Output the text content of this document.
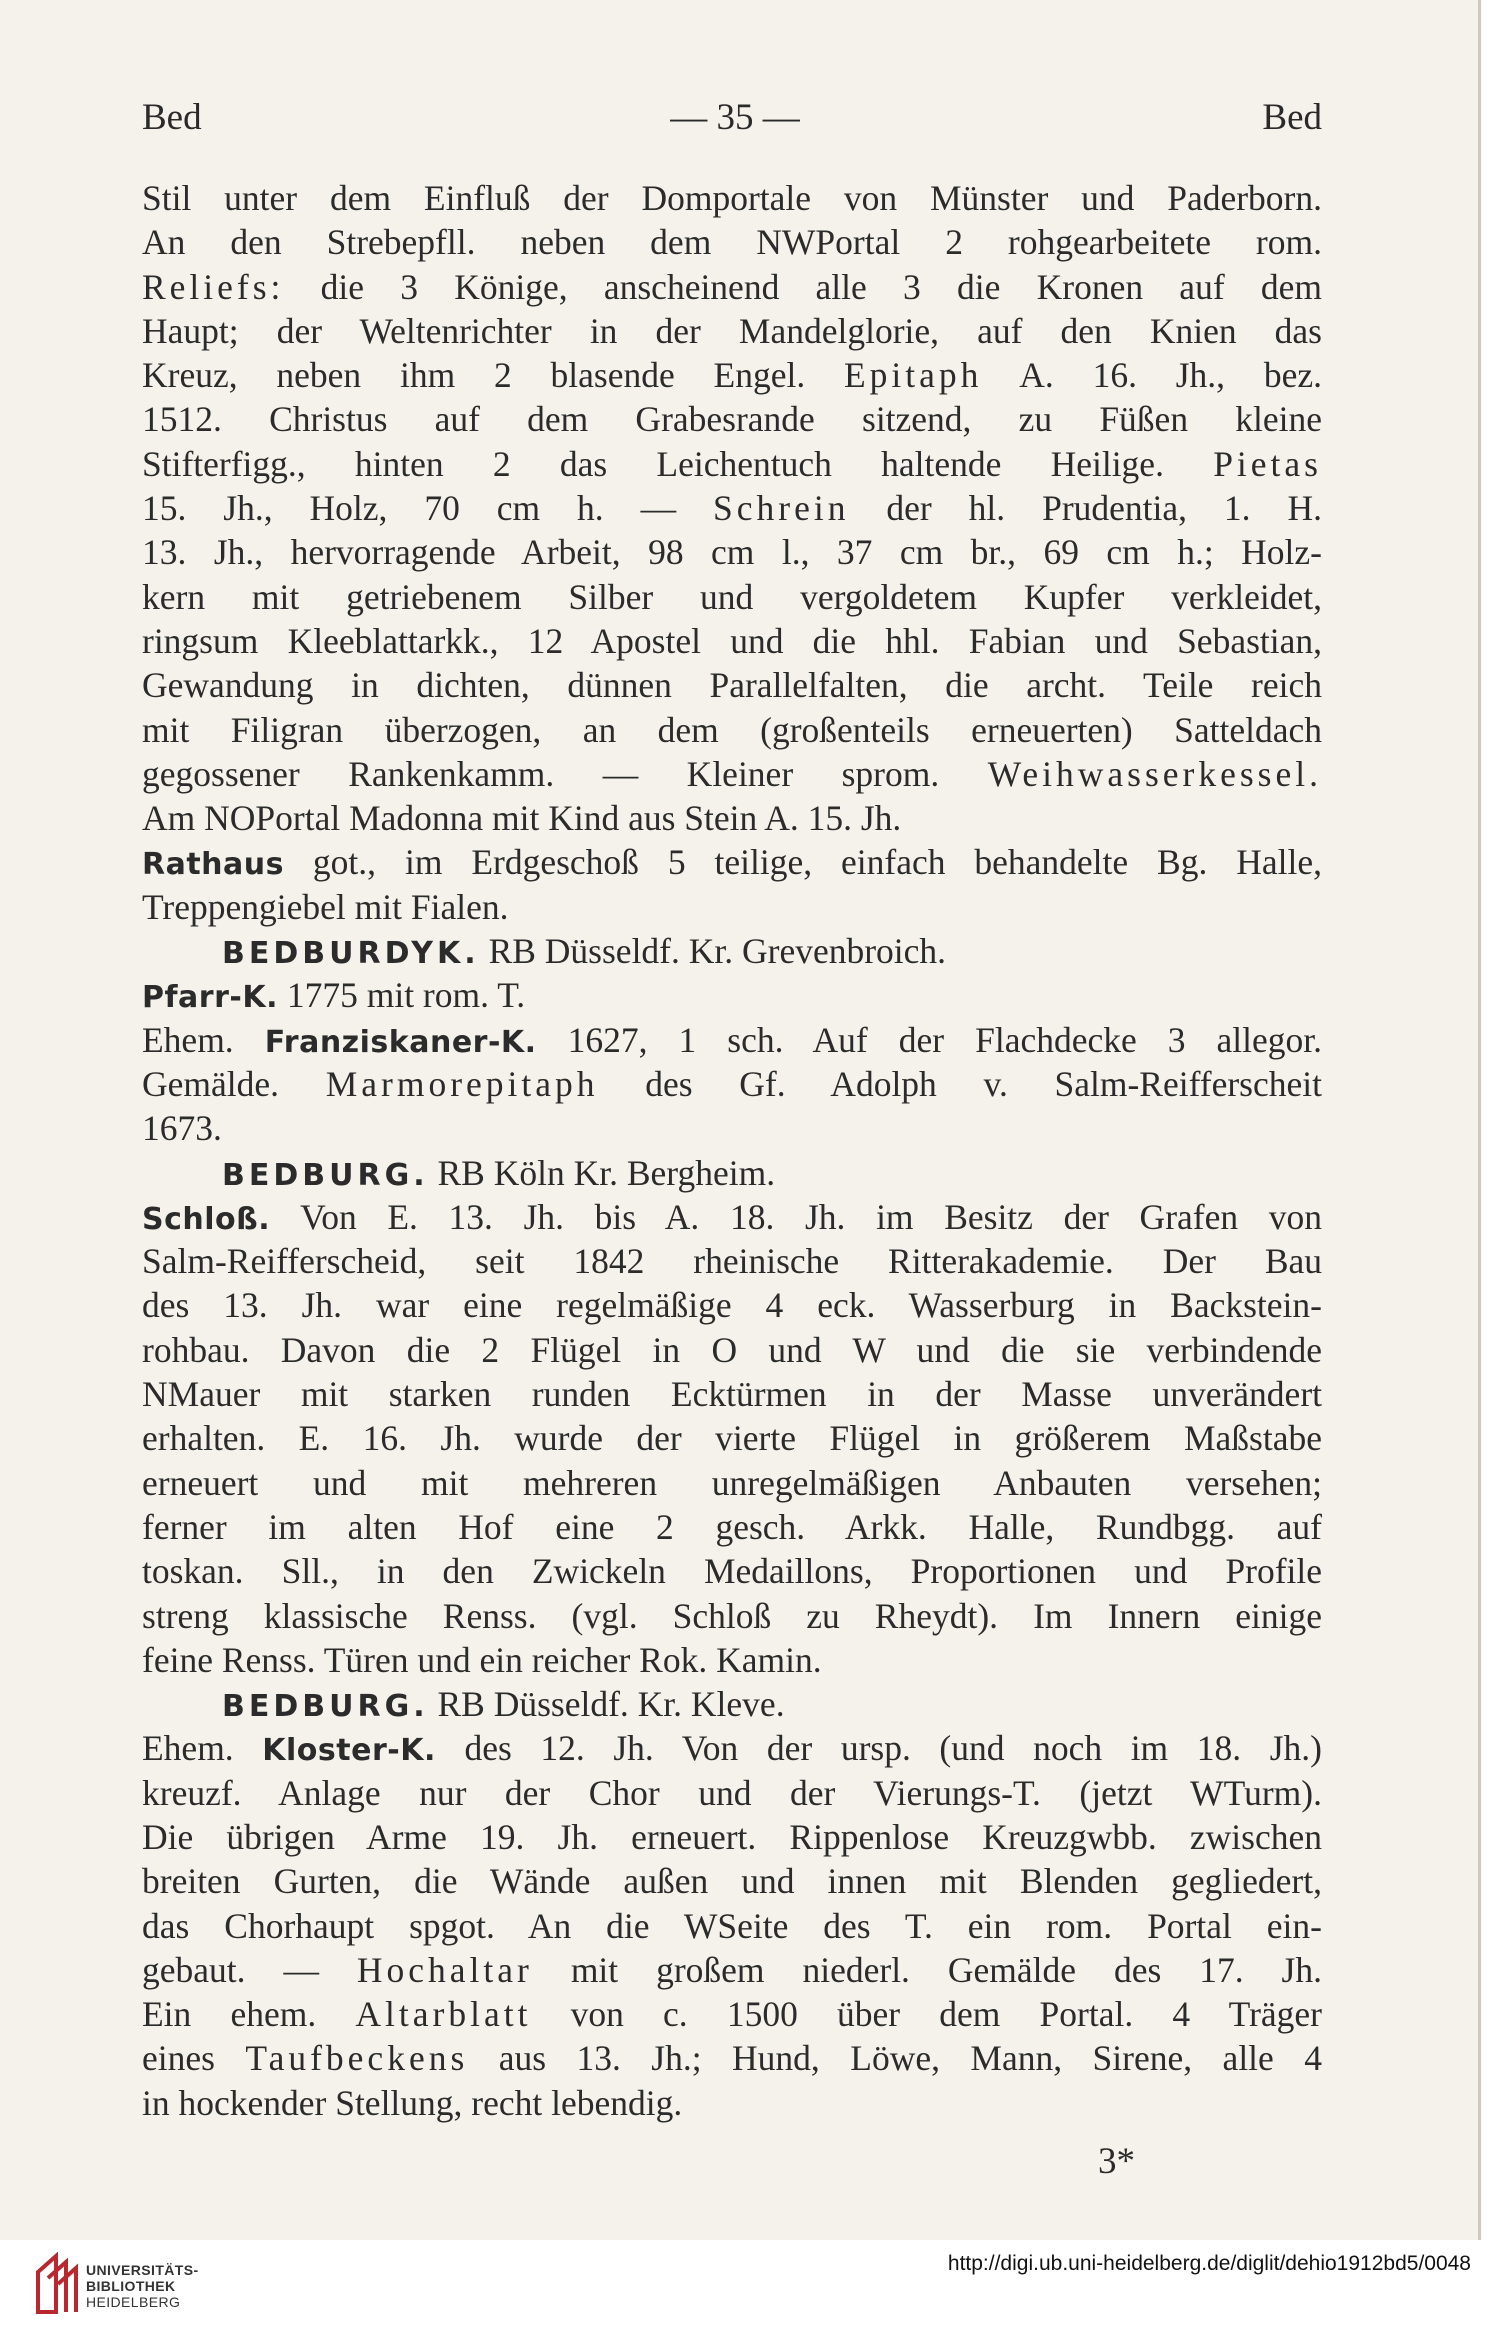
Bed	— 35 —	Bed
Stil unter dem Einfluß der Domportale von Münster und Paderborn.
An den Strebepfll. neben dem NWPortal 2 rohgearbeitete rom.
Reliefs: die 3 Könige, anscheinend alle 3 die Kronen auf dem
Haupt; der Weltenrichter in der Mandelglorie, auf den Knien das
Kreuz, neben ihm 2 blasende Engel. Epitaph A. 16. Jh., bez.
1512. Christus auf dem Grabesrande sitzend, zu Füßen kleine
Stifterfigg., hinten 2 das Leichentuch haltende Heilige. Pietas
15. Jh., Holz, 70 cm h. — Schrein der hl. Prudentia, 1. H.
13. Jh., hervorragende Arbeit, 98 cm l., 37 cm br., 69 cm h.; Holz-
kern mit getriebenem Silber und vergoldetem Kupfer verkleidet,
ringsum Kleeblattarkk., 12 Apostel und die hhl. Fabian und Sebastian,
Gewandung in dichten, dünnen Parallelfalten, die archt. Teile reich
mit Filigran überzogen, an dem (großenteils erneuerten) Satteldach
gegossener Rankenkamm. — Kleiner sprom. Weihwasserkessel.
Am NOPortal Madonna mit Kind aus Stein A. 15. Jh.
Rathaus got., im Erdgeschoß 5 teilige, einfach behandelte Bg. Halle,
Treppengiebel mit Fialen.
BEDBURDYK. RB Düsseldf. Kr. Grevenbroich.
Pfarr-K. 1775 mit rom. T.
Ehem. Franziskaner-K. 1627, 1 sch. Auf der Flachdecke 3 allegor.
Gemälde. Marmorepitaph des Gf. Adolph v. Salm-Reifferscheit
1673.
BEDBURG. RB Köln Kr. Bergheim.
Schloß. Von E. 13. Jh. bis A. 18. Jh. im Besitz der Grafen von
Salm-Reifferscheid, seit 1842 rheinische Ritterakademie. Der Bau
des 13. Jh. war eine regelmäßige 4 eck. Wasserburg in Backstein-
rohbau. Davon die 2 Flügel in O und W und die sie verbindende
NMauer mit starken runden Ecktürmen in der Masse unverändert
erhalten. E. 16. Jh. wurde der vierte Flügel in größerem Maßstabe
erneuert und mit mehreren unregelmäßigen Anbauten versehen;
ferner im alten Hof eine 2 gesch. Arkk. Halle, Rundbgg. auf
toskan. Sll., in den Zwickeln Medaillons, Proportionen und Profile
streng klassische Renss. (vgl. Schloß zu Rheydt). Im Innern einige
feine Renss. Türen und ein reicher Rok. Kamin.
BEDBURG. RB Düsseldf. Kr. Kleve.
Ehem. Kloster-K. des 12. Jh. Von der ursp. (und noch im 18. Jh.)
kreuzf. Anlage nur der Chor und der Vierungs-T. (jetzt WTurm).
Die übrigen Arme 19. Jh. erneuert. Rippenlose Kreuzgwbb. zwischen
breiten Gurten, die Wände außen und innen mit Blenden gegliedert,
das Chorhaupt spgot. An die WSeite des T. ein rom. Portal ein-
gebaut. — Hochaltar mit großem niederl. Gemälde des 17. Jh.
Ein ehem. Altarblatt von c. 1500 über dem Portal. 4 Träger
eines Taufbeckens aus 13. Jh.; Hund, Löwe, Mann, Sirene, alle 4
in hockender Stellung, recht lebendig.
3*
UNIVERSITÄTS-
BIBLIOTHEK
HEIDELBERG
http://digi.ub.uni-heidelberg.de/diglit/dehio1912bd5/0048
